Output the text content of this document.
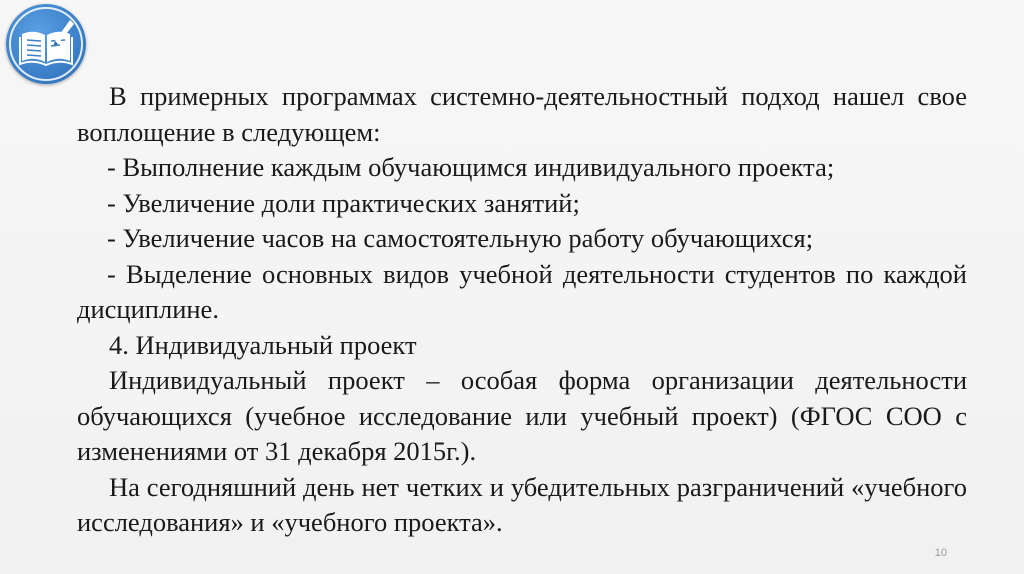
В примерных программах системно-деятельностный подход нашел свое воплощение в следующем:

- Выполнение каждым обучающимся индивидуального проекта;

- Увеличение доли практических занятий;

- Увеличение часов на самостоятельную работу обучающихся;

- Выделение основных видов учебной деятельности студентов по каждой дисциплине.

4. Индивидуальный проект

Индивидуальный проект – особая форма организации деятельности обучающихся (учебное исследование или учебный проект) (ФГОС СОО с изменениями от 31 декабря 2015г.).

На сегодняшний день нет четких и убедительных разграничений «учебного исследования» и «учебного проекта».

10
